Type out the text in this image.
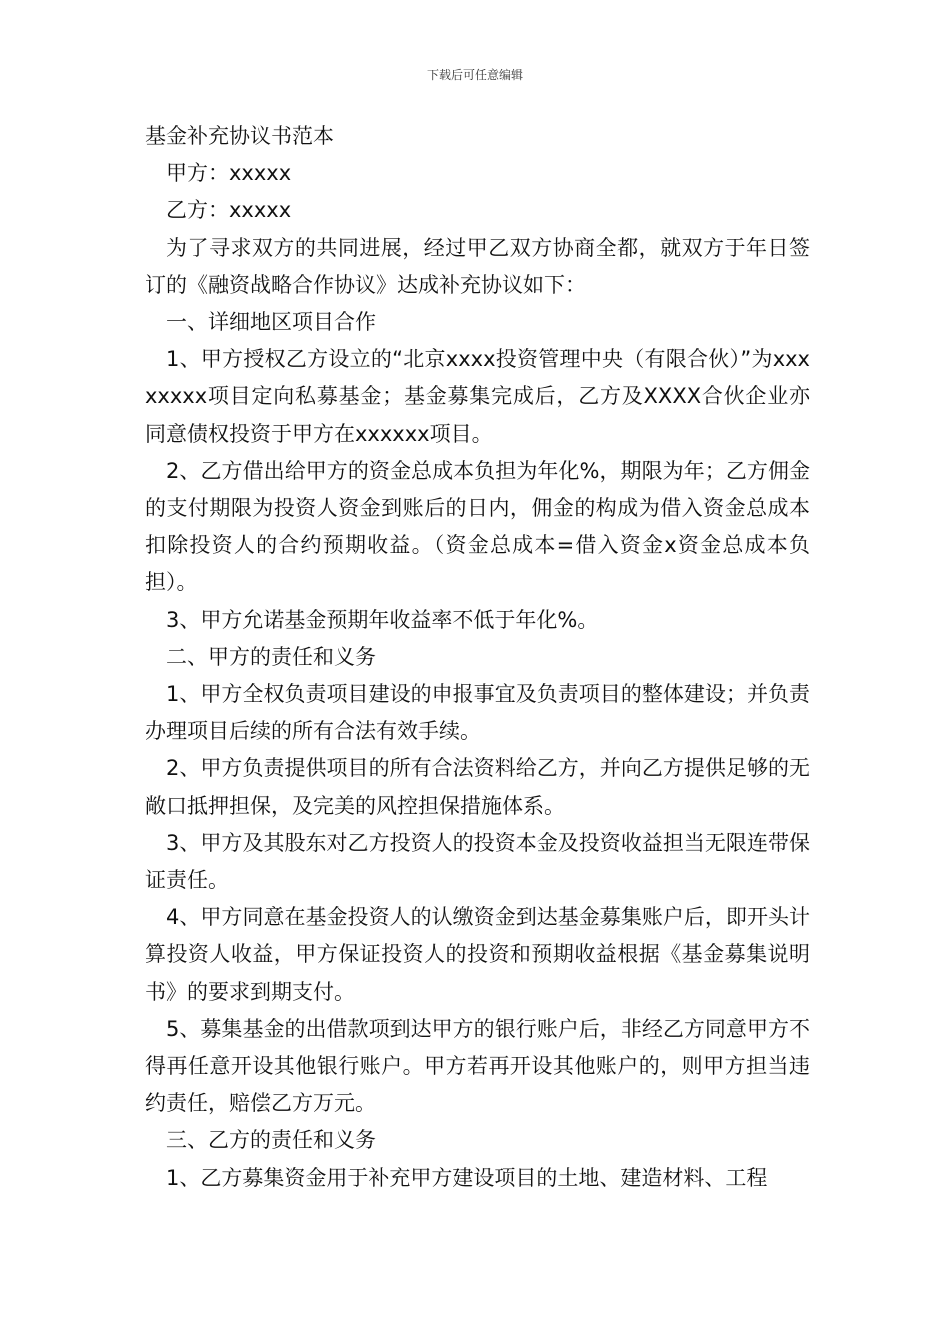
下载后可任意编辑

基金补充协议书范本

甲方：xxxxx

乙方：xxxxx

为了寻求双方的共同进展，经过甲乙双方协商全都，就双方于年日签订的《融资战略合作协议》达成补充协议如下：

一、详细地区项目合作

1、甲方授权乙方设立的“北京xxxx投资管理中央（有限合伙）”为xxxxxxxx项目定向私募基金；基金募集完成后，乙方及XXXX合伙企业亦同意债权投资于甲方在xxxxxx项目。

2、乙方借出给甲方的资金总成本负担为年化%，期限为年；乙方佣金的支付期限为投资人资金到账后的日内，佣金的构成为借入资金总成本扣除投资人的合约预期收益。（资金总成本=借入资金x资金总成本负担）。

3、甲方允诺基金预期年收益率不低于年化%。

二、甲方的责任和义务

1、甲方全权负责项目建设的申报事宜及负责项目的整体建设；并负责办理项目后续的所有合法有效手续。

2、甲方负责提供项目的所有合法资料给乙方，并向乙方提供足够的无敞口抵押担保，及完美的风控担保措施体系。

3、甲方及其股东对乙方投资人的投资本金及投资收益担当无限连带保证责任。

4、甲方同意在基金投资人的认缴资金到达基金募集账户后，即开头计算投资人收益，甲方保证投资人的投资和预期收益根据《基金募集说明书》的要求到期支付。

5、募集基金的出借款项到达甲方的银行账户后，非经乙方同意甲方不得再任意开设其他银行账户。甲方若再开设其他账户的，则甲方担当违约责任，赔偿乙方万元。

三、乙方的责任和义务

1、乙方募集资金用于补充甲方建设项目的土地、建造材料、工程
